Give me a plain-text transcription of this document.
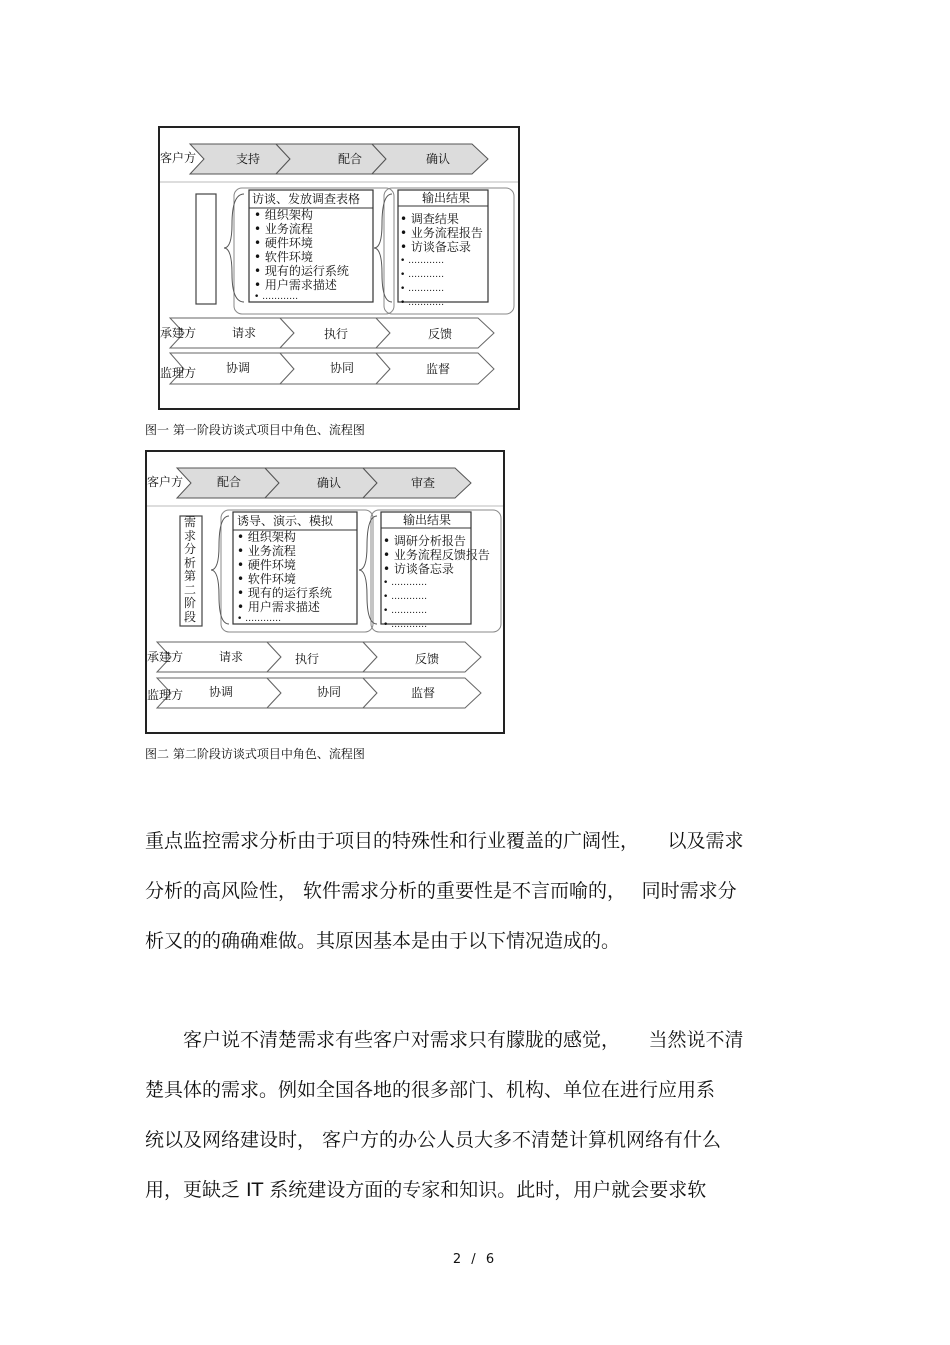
客户方	支持	配合	确认
访谈、发放调查表格
• 组织架构
• 业务流程
• 硬件环境
• 软件环境
• 现有的运行系统
• 用户需求描述
• …………
输出结果
• 调查结果
• 业务流程报告
• 访谈备忘录
• …………
• …………
• …………
• …………
承建方	请求	执行	反馈
监理方 协调	协同	监督
图一 第一阶段访谈式项目中角色、流程图
客户方	配合	确认	审查
需求分析第二阶段
诱导、演示、模拟
• 组织架构
• 业务流程
• 硬件环境
• 软件环境
• 现有的运行系统
• 用户需求描述
• …………
输出结果
• 调研分析报告
• 业务流程反馈报告
• 访谈备忘录
• …………
• …………
• …………
• …………
承建方	请求	执行	反馈
监理方 协调	协同	监督
图二 第二阶段访谈式项目中角色、流程图

重点监控需求分析由于项目的特殊性和行业覆盖的广阔性，　　以及需求

分析的高风险性， 软件需求分析的重要性是不言而喻的，　 同时需求分

析又的的确确难做。其原因基本是由于以下情况造成的。

　　客户说不清楚需求有些客户对需求只有朦胧的感觉，　　当然说不清

楚具体的需求。例如全国各地的很多部门、机构、单位在进行应用系

统以及网络建设时， 客户方的办公人员大多不清楚计算机网络有什么

用，更缺乏 IT 系统建设方面的专家和知识。此时，用户就会要求软

2 / 6
